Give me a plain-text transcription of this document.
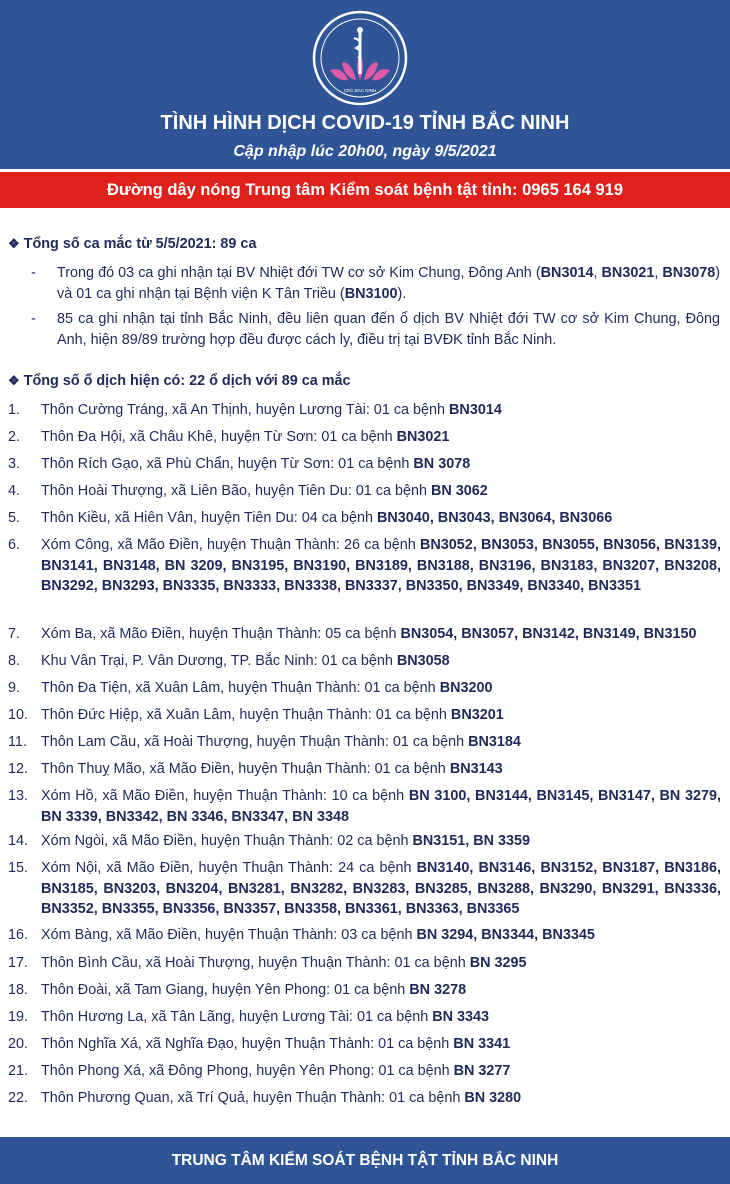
CDC BAC NINH
TÌNH HÌNH DỊCH COVID-19 TỈNH BẮC NINH
Cập nhập lúc 20h00, ngày 9/5/2021
Đường dây nóng Trung tâm Kiểm soát bệnh tật tỉnh: 0965 164 919
❖ Tổng số ca mắc từ 5/5/2021: 89 ca
-	Trong đó 03 ca ghi nhận tại BV Nhiệt đới TW cơ sở Kim Chung, Đông Anh (BN3014, BN3021, BN3078) và 01 ca ghi nhận tại Bệnh viện K Tân Triều (BN3100).
-	85 ca ghi nhận tại tỉnh Bắc Ninh, đều liên quan đến ổ dịch BV Nhiệt đới TW cơ sở Kim Chung, Đông Anh, hiện 89/89 trường hợp đều được cách ly, điều trị tại BVĐK tỉnh Bắc Ninh.
❖ Tổng số ổ dịch hiện có: 22 ổ dịch với 89 ca mắc
1.	Thôn Cường Tráng, xã An Thịnh, huyện Lương Tài: 01 ca bệnh BN3014
2.	Thôn Đa Hội, xã Châu Khê, huyện Từ Sơn: 01 ca bệnh BN3021
3.	Thôn Rích Gạo, xã Phù Chẩn, huyện Từ Sơn: 01 ca bệnh BN 3078
4.	Thôn Hoài Thượng, xã Liên Bão, huyện Tiên Du: 01 ca bệnh BN 3062
5.	Thôn Kiều, xã Hiên Vân, huyện Tiên Du: 04 ca bệnh BN3040, BN3043, BN3064, BN3066
6.	Xóm Công, xã Mão Điền, huyện Thuận Thành: 26 ca bệnh BN3052, BN3053, BN3055, BN3056, BN3139, BN3141, BN3148, BN 3209, BN3195, BN3190, BN3189, BN3188, BN3196, BN3183, BN3207, BN3208, BN3292, BN3293, BN3335, BN3333, BN3338, BN3337, BN3350, BN3349, BN3340, BN3351
7.	Xóm Ba, xã Mão Điền, huyện Thuận Thành: 05 ca bệnh BN3054, BN3057, BN3142, BN3149, BN3150
8.	Khu Vân Trại, P. Vân Dương, TP. Bắc Ninh: 01 ca bệnh BN3058
9.	Thôn Đa Tiện, xã Xuân Lâm, huyện Thuận Thành: 01 ca bệnh BN3200
10. Thôn Đức Hiệp, xã Xuân Lâm, huyện Thuận Thành: 01 ca bệnh BN3201
11. Thôn Lam Cầu, xã Hoài Thượng, huyện Thuận Thành: 01 ca bệnh BN3184
12. Thôn Thuỵ Mão, xã Mão Điền, huyện Thuận Thành: 01 ca bệnh BN3143
13. Xóm Hồ, xã Mão Điền, huyện Thuận Thành: 10 ca bệnh BN 3100, BN3144, BN3145, BN3147, BN 3279, BN 3339, BN3342, BN 3346, BN3347, BN 3348
14. Xóm Ngòi, xã Mão Điền, huyện Thuận Thành: 02 ca bệnh BN3151, BN 3359
15. Xóm Nội, xã Mão Điền, huyện Thuận Thành: 24 ca bệnh BN3140, BN3146, BN3152, BN3187, BN3186, BN3185, BN3203, BN3204, BN3281, BN3282, BN3283, BN3285, BN3288, BN3290, BN3291, BN3336, BN3352, BN3355, BN3356, BN3357, BN3358, BN3361, BN3363, BN3365
16. Xóm Bàng, xã Mão Điền, huyện Thuận Thành: 03 ca bệnh BN 3294, BN3344, BN3345
17. Thôn Bình Cầu, xã Hoài Thượng, huyện Thuận Thành: 01 ca bệnh BN 3295
18. Thôn Đoài, xã Tam Giang, huyện Yên Phong: 01 ca bệnh BN 3278
19. Thôn Hương La, xã Tân Lãng, huyện Lương Tài: 01 ca bệnh BN 3343
20. Thôn Nghĩa Xá, xã Nghĩa Đạo, huyện Thuận Thành: 01 ca bệnh BN 3341
21. Thôn Phong Xá, xã Đông Phong, huyện Yên Phong: 01 ca bệnh BN 3277
22. Thôn Phương Quan, xã Trí Quả, huyện Thuận Thành: 01 ca bệnh BN 3280
TRUNG TÂM KIỂM SOÁT BỆNH TẬT TỈNH BẮC NINH
